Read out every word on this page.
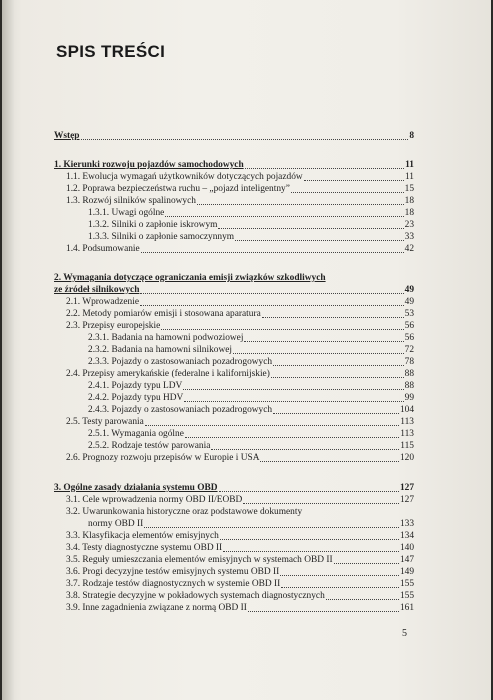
SPIS TREŚCI
Wstęp	8
1. Kierunki rozwoju pojazdów samochodowych	11
1.1. Ewolucja wymagań użytkowników dotyczących pojazdów	11
1.2. Poprawa bezpieczeństwa ruchu – „pojazd inteligentny”	15
1.3. Rozwój silników spalinowych	18
1.3.1. Uwagi ogólne	18
1.3.2. Silniki o zapłonie iskrowym	23
1.3.3. Silniki o zapłonie samoczynnym	33
1.4. Podsumowanie	42
2. Wymagania dotyczące ograniczania emisji związków szkodliwych
ze źródeł silnikowych	49
2.1. Wprowadzenie	49
2.2. Metody pomiarów emisji i stosowana aparatura	53
2.3. Przepisy europejskie	56
2.3.1. Badania na hamowni podwoziowej	56
2.3.2. Badania na hamowni silnikowej	72
2.3.3. Pojazdy o zastosowaniach pozadrogowych	78
2.4. Przepisy amerykańskie (federalne i kalifornijskie)	88
2.4.1. Pojazdy typu LDV	88
2.4.2. Pojazdy typu HDV	99
2.4.3. Pojazdy o zastosowaniach pozadrogowych	104
2.5. Testy parowania	113
2.5.1. Wymagania ogólne	113
2.5.2. Rodzaje testów parowania	115
2.6. Prognozy rozwoju przepisów w Europie i USA	120
3. Ogólne zasady działania systemu OBD	127
3.1. Cele wprowadzenia normy OBD II/EOBD	127
3.2. Uwarunkowania historyczne oraz podstawowe dokumenty
normy OBD II	133
3.3. Klasyfikacja elementów emisyjnych	134
3.4. Testy diagnostyczne systemu OBD II	140
3.5. Reguły umieszczania elementów emisyjnych w systemach OBD II	147
3.6. Progi decyzyjne testów emisyjnych systemu OBD II	149
3.7. Rodzaje testów diagnostycznych w systemie OBD II	155
3.8. Strategie decyzyjne w pokładowych systemach diagnostycznych	155
3.9. Inne zagadnienia związane z normą OBD II	161
5
